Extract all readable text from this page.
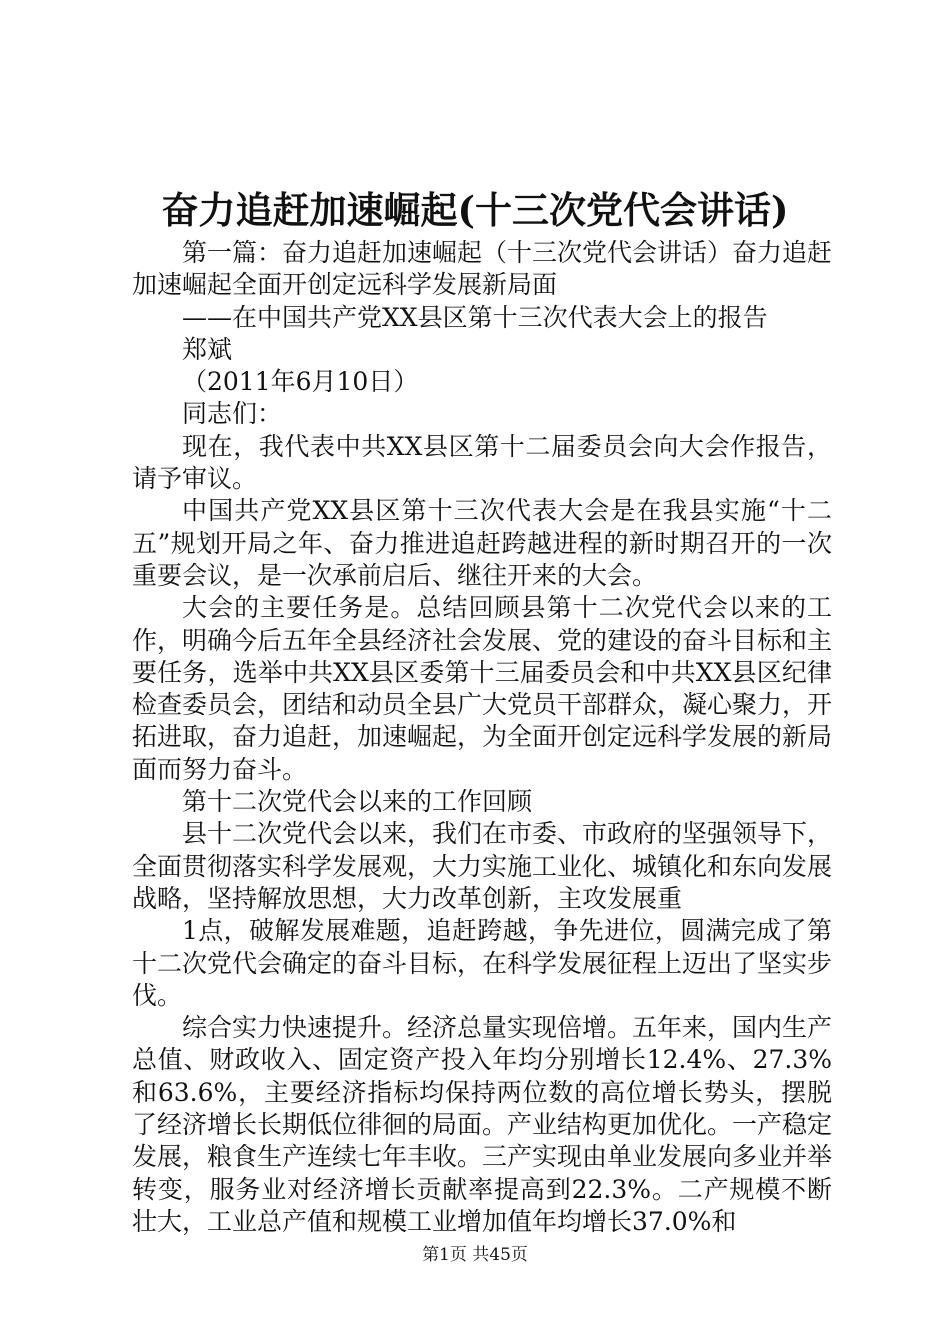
奋力追赶加速崛起(十三次党代会讲话)

第一篇：奋力追赶加速崛起（十三次党代会讲话）奋力追赶加速崛起全面开创定远科学发展新局面

——在中国共产党XX县区第十三次代表大会上的报告

郑斌

（2011年6月10日）

同志们：

现在，我代表中共XX县区第十二届委员会向大会作报告，请予审议。

中国共产党XX县区第十三次代表大会是在我县实施“十二五”规划开局之年、奋力推进追赶跨越进程的新时期召开的一次重要会议，是一次承前启后、继往开来的大会。

大会的主要任务是。总结回顾县第十二次党代会以来的工作，明确今后五年全县经济社会发展、党的建设的奋斗目标和主要任务，选举中共XX县区委第十三届委员会和中共XX县区纪律检查委员会，团结和动员全县广大党员干部群众，凝心聚力，开拓进取，奋力追赶，加速崛起，为全面开创定远科学发展的新局面而努力奋斗。

第十二次党代会以来的工作回顾

县十二次党代会以来，我们在市委、市政府的坚强领导下，全面贯彻落实科学发展观，大力实施工业化、城镇化和东向发展战略，坚持解放思想，大力改革创新，主攻发展重

1点，破解发展难题，追赶跨越，争先进位，圆满完成了第十二次党代会确定的奋斗目标，在科学发展征程上迈出了坚实步伐。

综合实力快速提升。经济总量实现倍增。五年来，国内生产总值、财政收入、固定资产投入年均分别增长12.4%、27.3%和63.6%，主要经济指标均保持两位数的高位增长势头，摆脱了经济增长长期低位徘徊的局面。产业结构更加优化。一产稳定发展，粮食生产连续七年丰收。三产实现由单业发展向多业并举转变，服务业对经济增长贡献率提高到22.3%。二产规模不断壮大，工业总产值和规模工业增加值年均增长37.0%和

第1页 共45页
